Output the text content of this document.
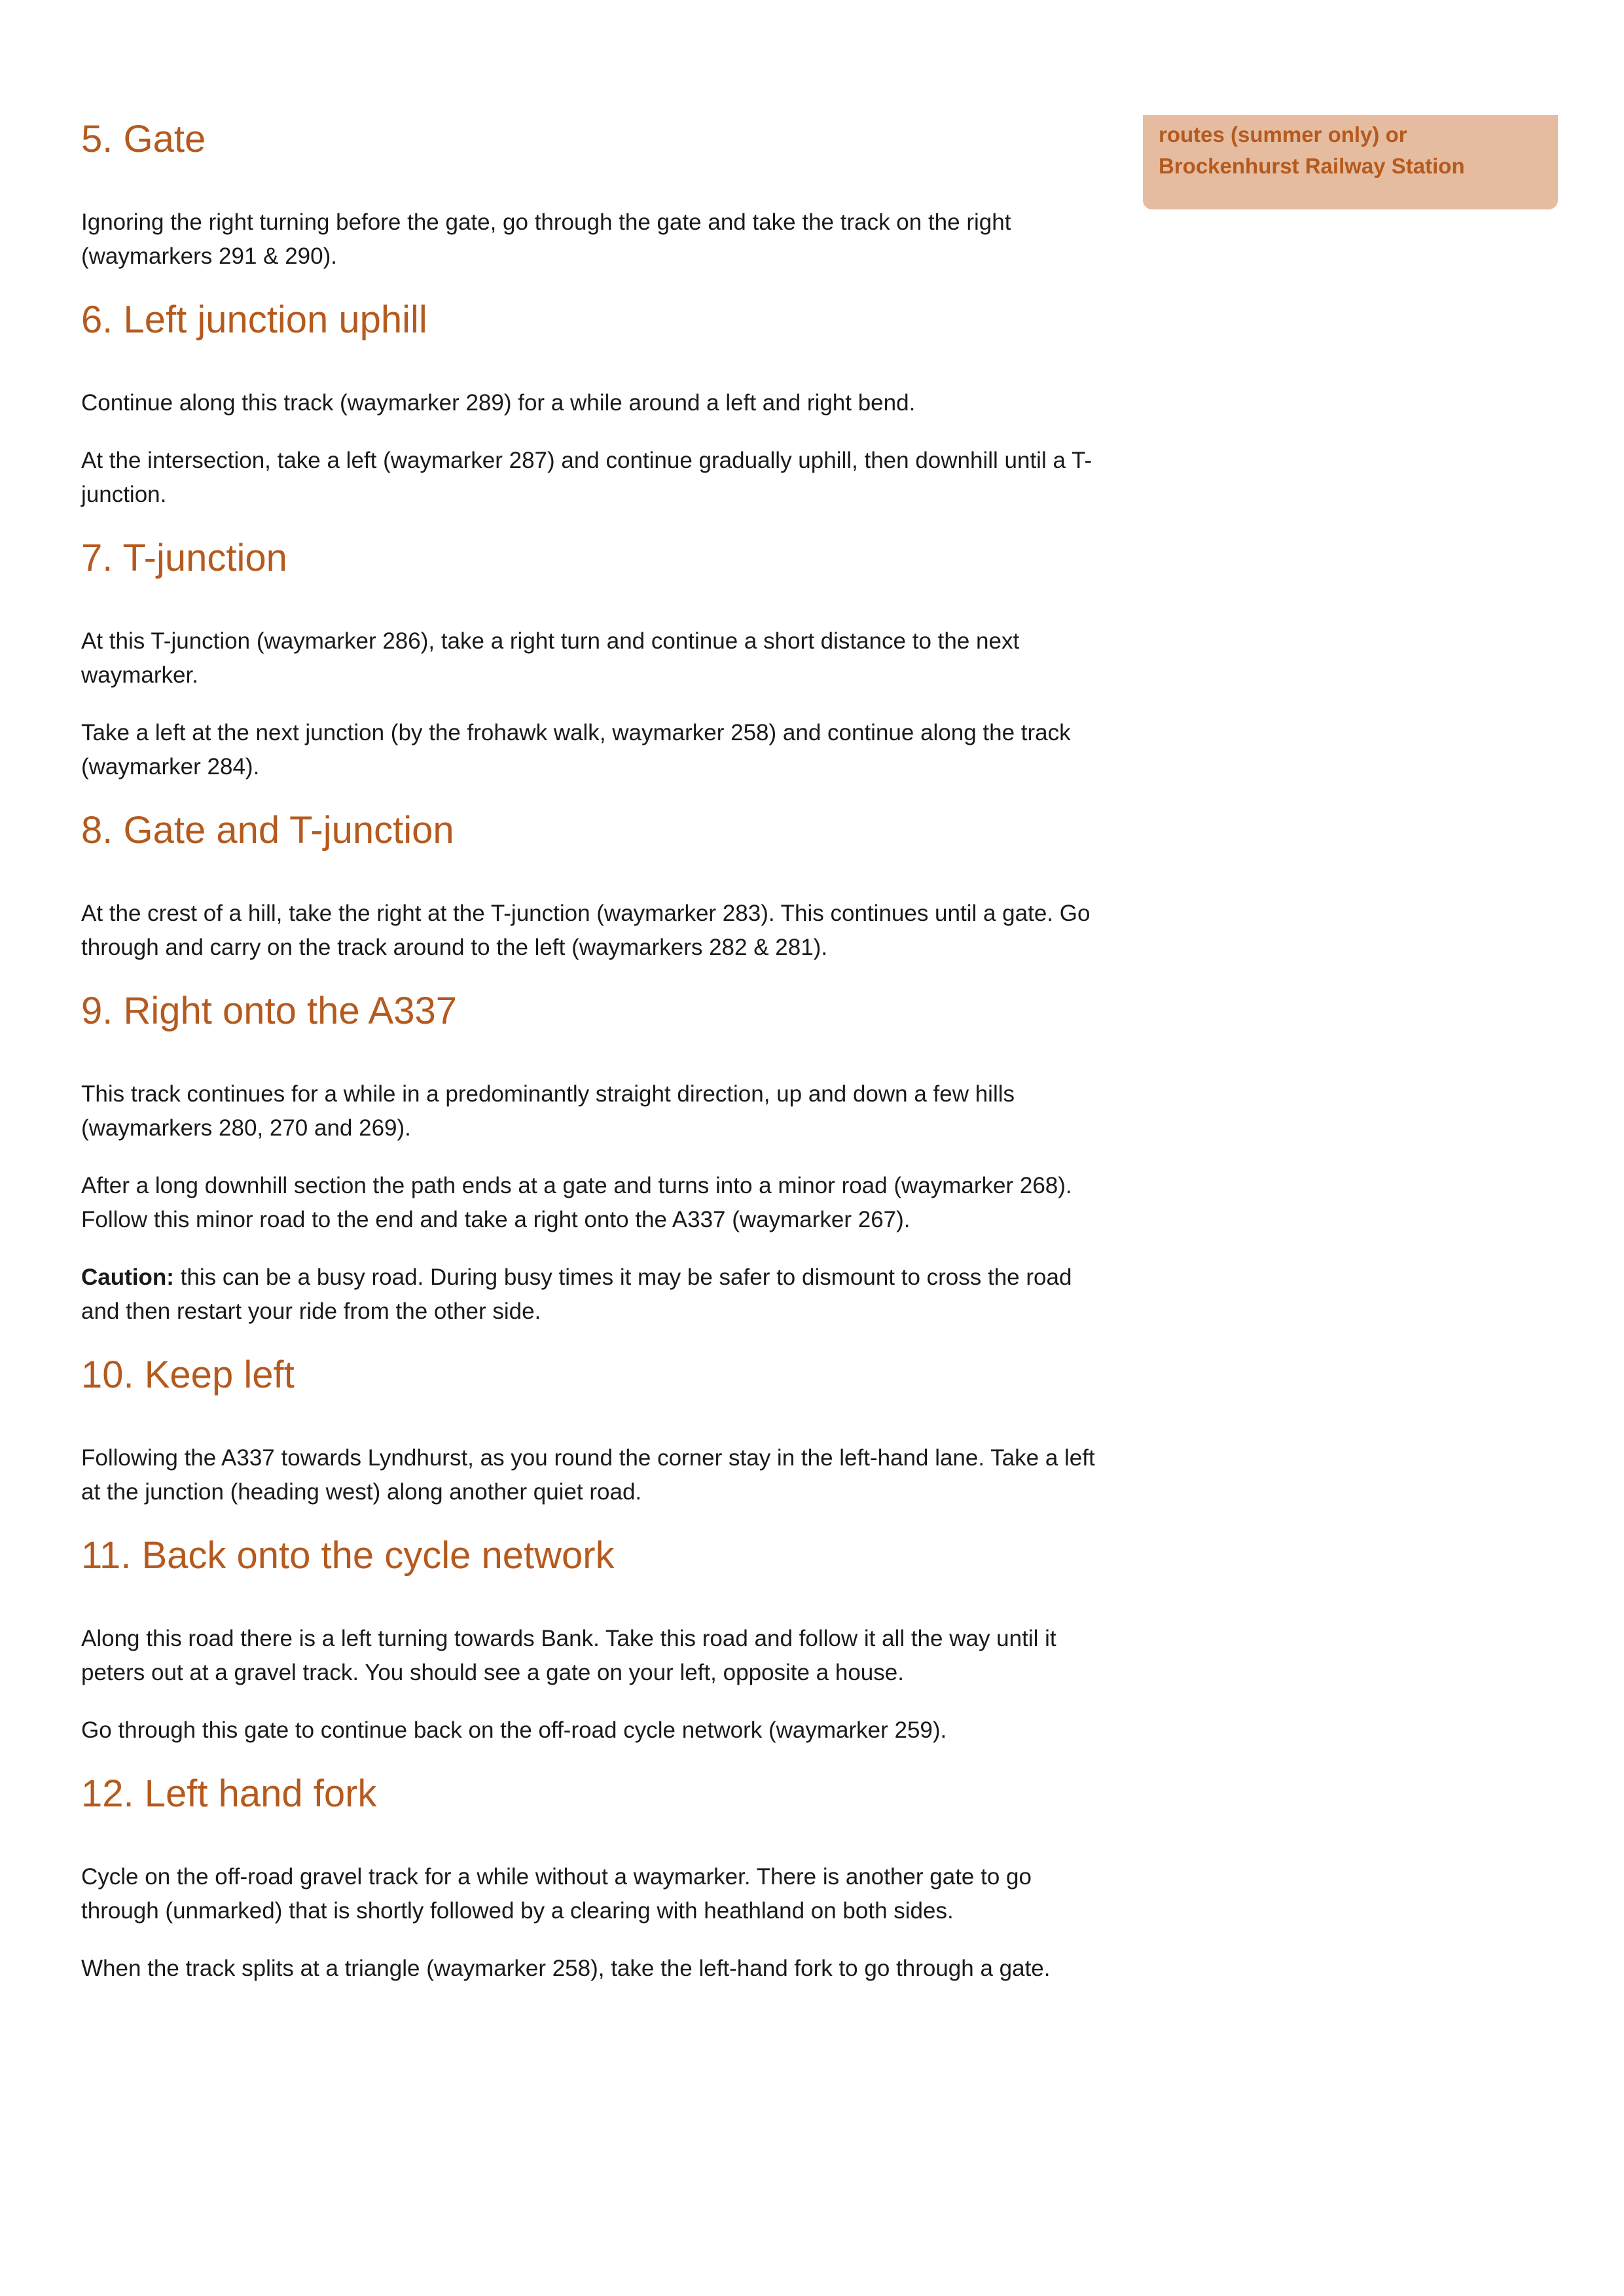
routes (summer only) or

Brockenhurst Railway Station

5. Gate

Ignoring the right turning before the gate, go through the gate and take the track on the right (waymarkers 291 & 290).

6. Left junction uphill

Continue along this track (waymarker 289) for a while around a left and right bend.

At the intersection, take a left (waymarker 287) and continue gradually uphill, then downhill until a T-junction.

7. T-junction

At this T-junction (waymarker 286), take a right turn and continue a short distance to the next waymarker.

Take a left at the next junction (by the frohawk walk, waymarker 258) and continue along the track (waymarker 284).

8. Gate and T-junction

At the crest of a hill, take the right at the T-junction (waymarker 283). This continues until a gate. Go through and carry on the track around to the left (waymarkers 282 & 281).

9. Right onto the A337

This track continues for a while in a predominantly straight direction, up and down a few hills (waymarkers 280, 270 and 269).

After a long downhill section the path ends at a gate and turns into a minor road (waymarker 268). Follow this minor road to the end and take a right onto the A337 (waymarker 267).

Caution: this can be a busy road. During busy times it may be safer to dismount to cross the road and then restart your ride from the other side.

10. Keep left

Following the A337 towards Lyndhurst, as you round the corner stay in the left-hand lane. Take a left at the junction (heading west) along another quiet road.

11. Back onto the cycle network

Along this road there is a left turning towards Bank. Take this road and follow it all the way until it peters out at a gravel track. You should see a gate on your left, opposite a house.

Go through this gate to continue back on the off-road cycle network (waymarker 259).

12. Left hand fork

Cycle on the off-road gravel track for a while without a waymarker. There is another gate to go through (unmarked) that is shortly followed by a clearing with heathland on both sides.

When the track splits at a triangle (waymarker 258), take the left-hand fork to go through a gate.
